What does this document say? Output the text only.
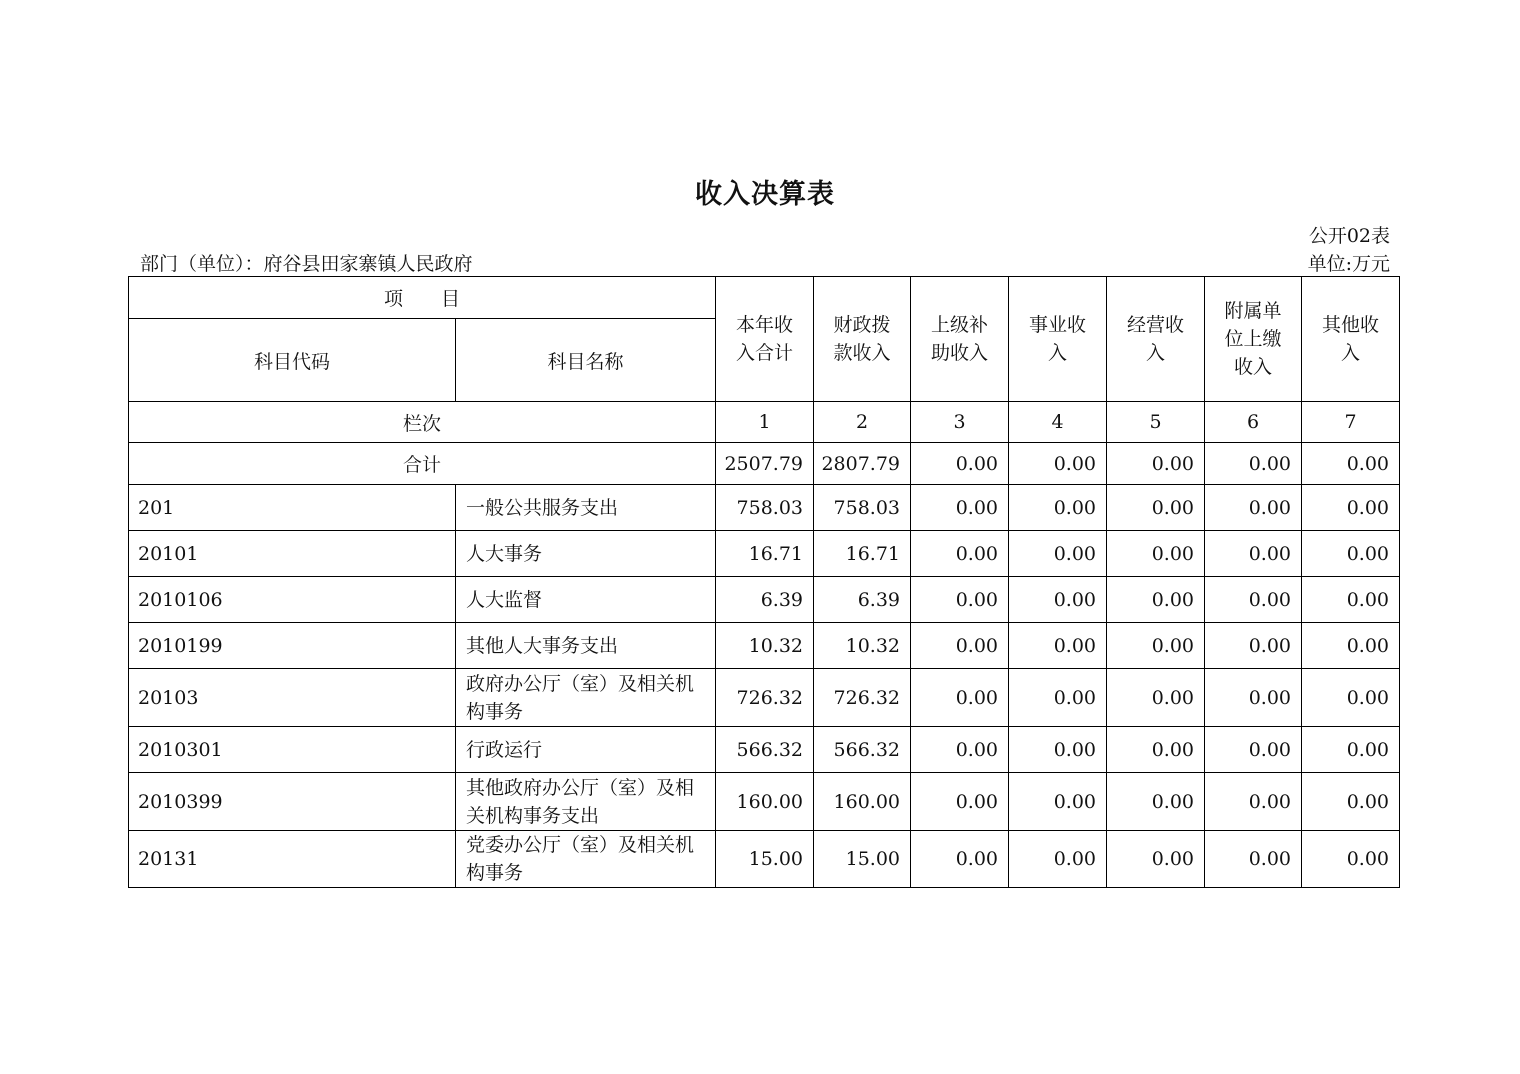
收入决算表
公开02表
单位:万元
部门（单位）：府谷县田家寨镇人民政府
项　　目		本年收入合计	财政拨款收入	上级补助收入	事业收入	经营收入	附属单位上缴收入	其他收入
科目代码	科目名称							
栏次		1	2	3	4	5	6	7
合计		2507.79	2807.79	0.00	0.00	0.00	0.00	0.00
201	一般公共服务支出	758.03	758.03	0.00	0.00	0.00	0.00	0.00
20101	人大事务	16.71	16.71	0.00	0.00	0.00	0.00	0.00
2010106	人大监督	6.39	6.39	0.00	0.00	0.00	0.00	0.00
2010199	其他人大事务支出	10.32	10.32	0.00	0.00	0.00	0.00	0.00
20103	政府办公厅（室）及相关机构事务	726.32	726.32	0.00	0.00	0.00	0.00	0.00
2010301	行政运行	566.32	566.32	0.00	0.00	0.00	0.00	0.00
2010399	其他政府办公厅（室）及相关机构事务支出	160.00	160.00	0.00	0.00	0.00	0.00	0.00
20131	党委办公厅（室）及相关机构事务	15.00	15.00	0.00	0.00	0.00	0.00	0.00
